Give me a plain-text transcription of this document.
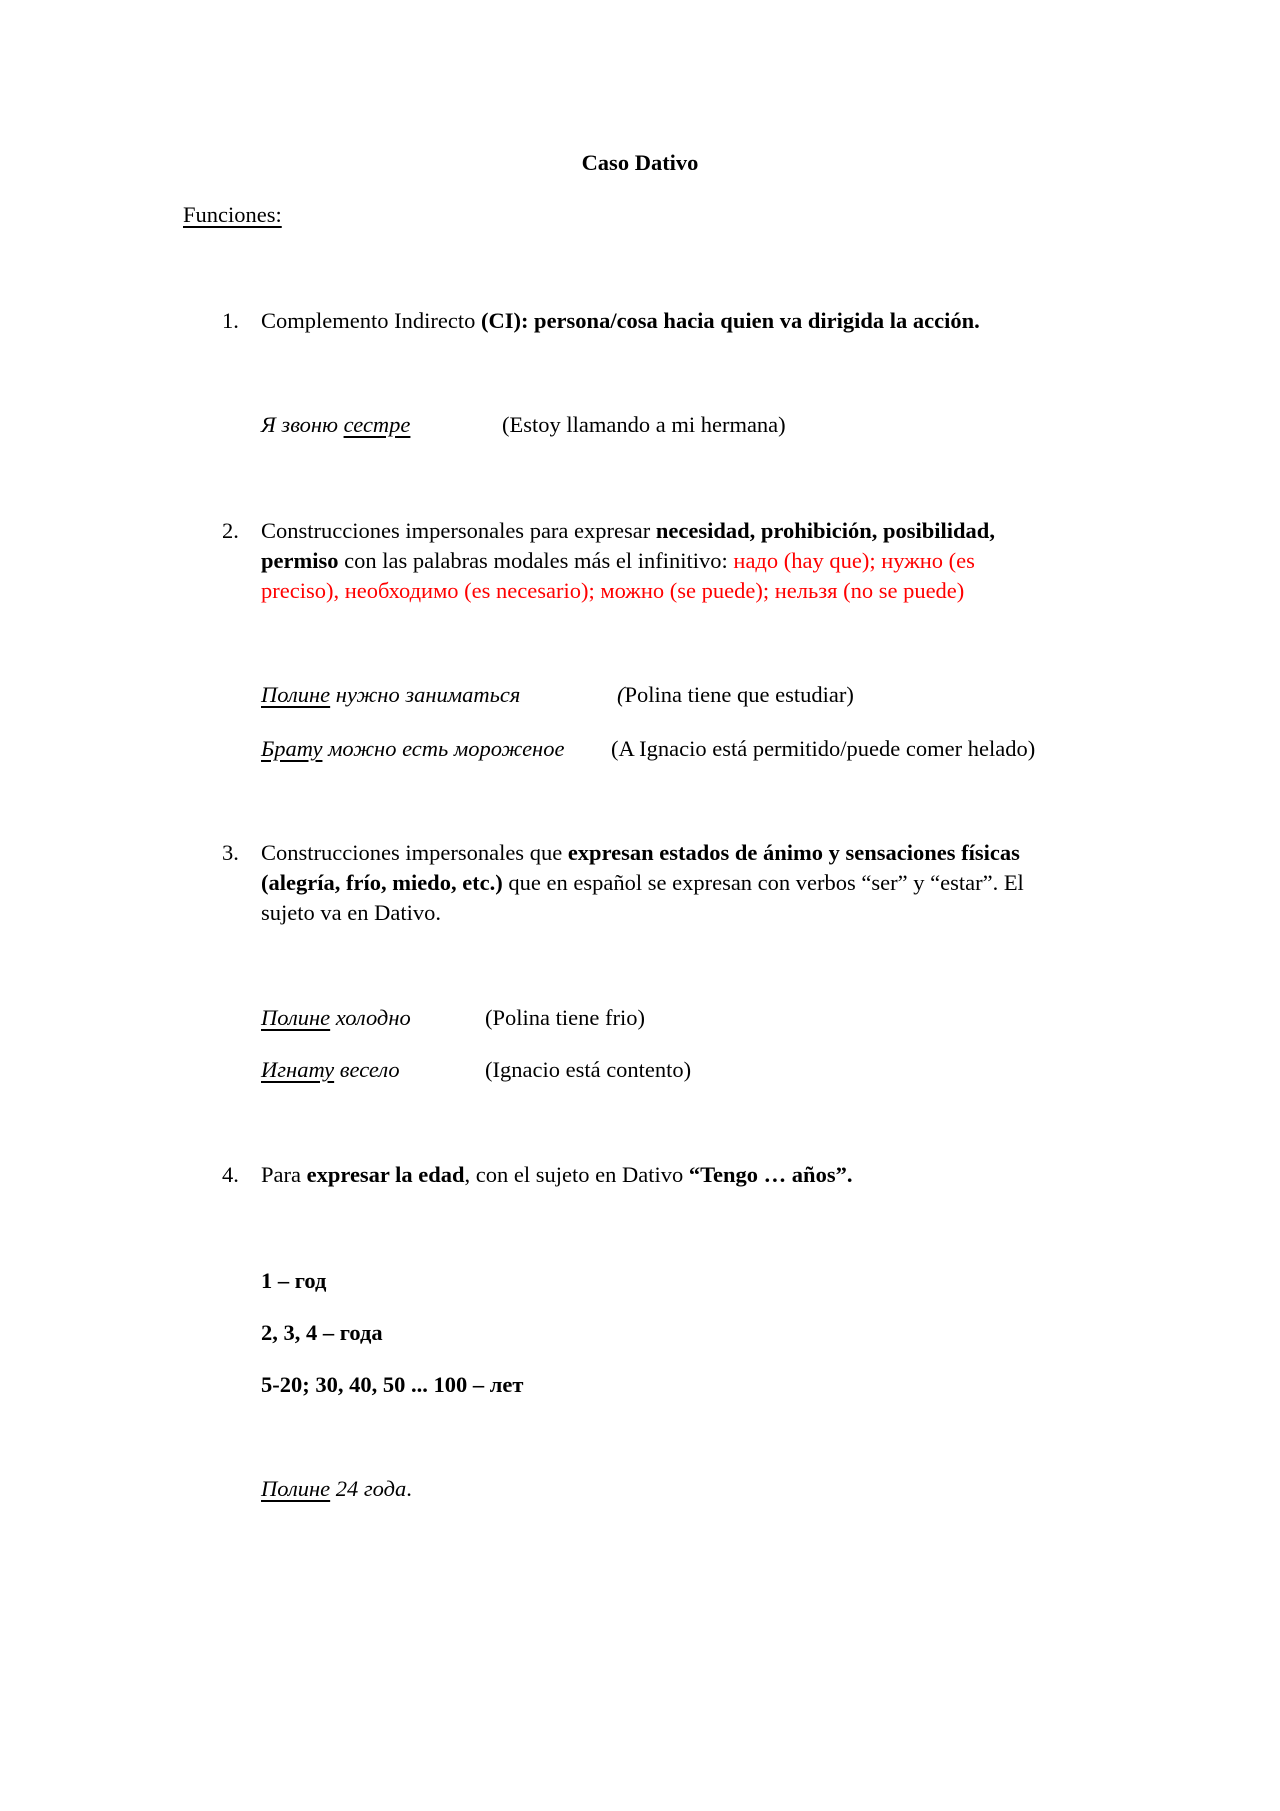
Caso Dativo
Funciones:
1. Complemento Indirecto (CI): persona/cosa hacia quien va dirigida la acción.
Я звоню сестре	(Estoy llamando a mi hermana)
2. Construcciones impersonales para expresar necesidad, prohibición, posibilidad,
permiso con las palabras modales más el infinitivo: надо (hay que); нужно (es
preciso), необходимо (es necesario); можно (se puede); нельзя (no se puede)
Полине нужно заниматься	(Polina tiene que estudiar)
Брату можно есть мороженое (A Ignacio está permitido/puede comer helado)
3. Construcciones impersonales que expresan estados de ánimo y sensaciones físicas
(alegría, frío, miedo, etc.) que en español se expresan con verbos “ser” y “estar”. El
sujeto va en Dativo.
Полине холодно	(Polina tiene frio)
Игнату весело	(Ignacio está contento)
4. Para expresar la edad, con el sujeto en Dativo “Tengo … años”.
1 – год
2, 3, 4 – года
5-20; 30, 40, 50 ... 100 – лет
Полине 24 года.
